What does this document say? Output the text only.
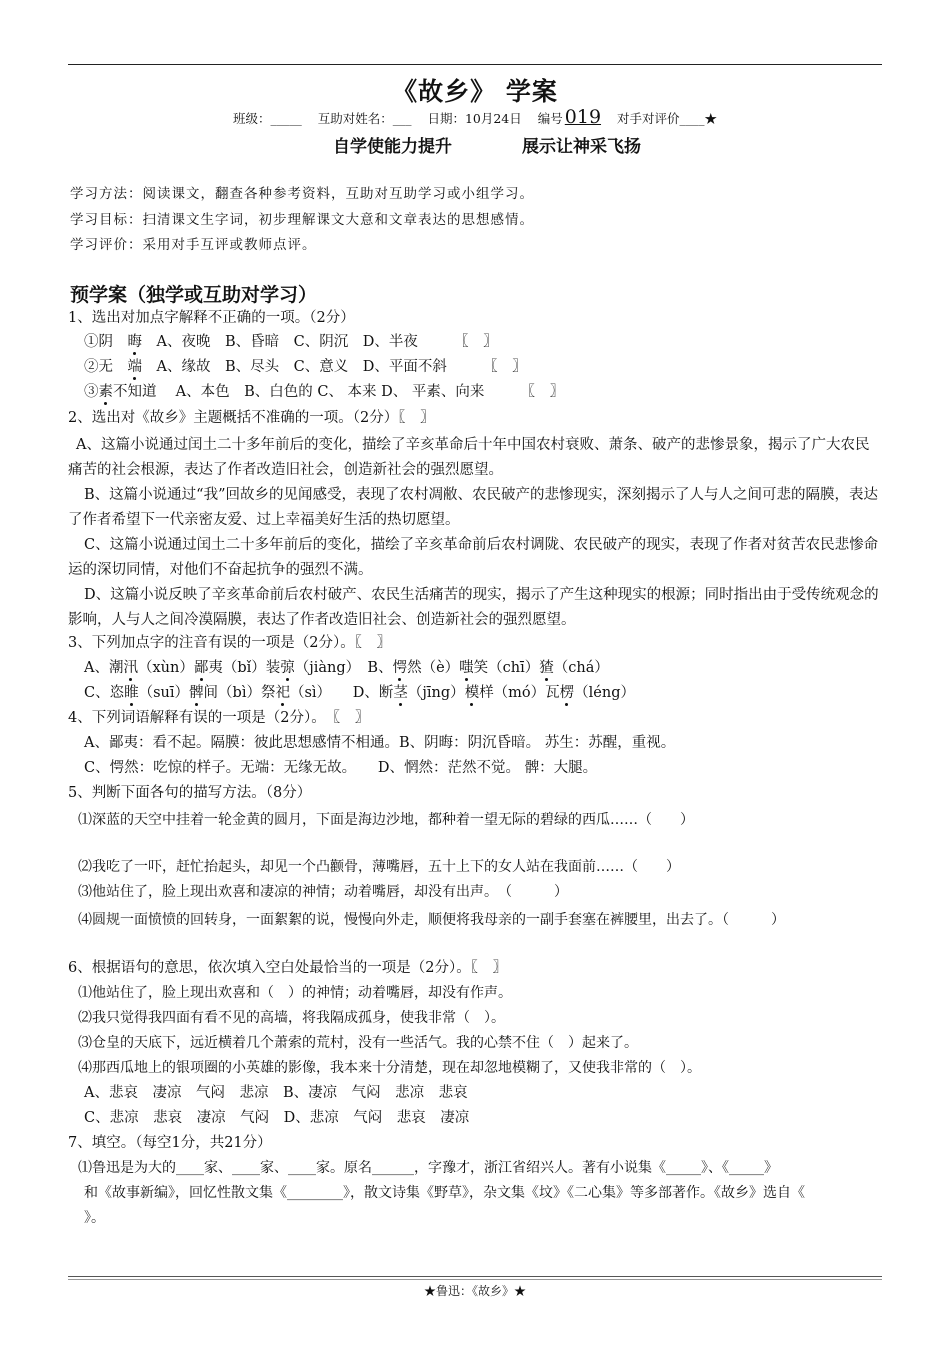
《故乡》 学案
班级：_____ 互助对姓名：___ 日期：10月24日 编号 019 对手对评价____★
自学使能力提升	展示让神采飞扬
学习方法：阅读课文，翻查各种参考资料，互助对互助学习或小组学习。
学习目标：扫清课文生字词，初步理解课文大意和文章表达的思想感情。
学习评价：采用对手互评或教师点评。
预学案（独学或互助对学习）
1、选出对加点字解释不正确的一项。（2分）
①阴　晦　A、夜晚　B、昏暗　C、阴沉　D、半夜　　　〖　〗
②无　端　A、缘故　B、尽头　C、意义　D、平面不斜　　　〖　〗
③素不知道　 A、本色　B、白色的 C、 本来 D、 平素、向来　　　〖　〗
2、选出对《故乡》主题概括不准确的一项。（2分）〖　〗
A、这篇小说通过闰土二十多年前后的变化，描绘了辛亥革命后十年中国农村衰败、萧条、破产的悲惨景象，揭示了广大农民痛苦的社会根源，表达了作者改造旧社会，创造新社会的强烈愿望。
B、这篇小说通过“我”回故乡的见闻感受，表现了农村凋敝、农民破产的悲惨现实，深刻揭示了人与人之间可悲的隔膜，表达了作者希望下一代亲密友爱、过上幸福美好生活的热切愿望。
C、这篇小说通过闰土二十多年前后的变化，描绘了辛亥革命前后农村调陇、农民破产的现实，表现了作者对贫苦农民悲惨命运的深切同情，对他们不奋起抗争的强烈不满。
D、这篇小说反映了辛亥革命前后农村破产、农民生活痛苦的现实，揭示了产生这种现实的根源；同时指出由于受传统观念的影响，人与人之间冷漠隔膜，表达了作者改造旧社会、创造新社会的强烈愿望。
3、下列加点字的注音有误的一项是（2分）。〖　〗
A、潮汛（xùn）鄙夷（bǐ）装弶（jiàng）　B、愕然（è）嗤笑（chī）猹（chá）
C、恣睢（suī）髀间（bì）祭祀（sì）　　D、断茎（jīng）模样（mó）瓦楞（léng）
4、下列词语解释有误的一项是（2分）。　〖　〗
A、鄙夷：看不起。隔膜：彼此思想感情不相通。B、阴晦：阴沉昏暗。 苏生：苏醒，重视。
C、愕然：吃惊的样子。无端：无缘无故。　　D、惘然：茫然不觉。 髀：大腿。
5、判断下面各句的描写方法。（8分）
⑴深蓝的天空中挂着一轮金黄的圆月，下面是海边沙地，都种着一望无际的碧绿的西瓜……（　　）
⑵我吃了一吓，赶忙抬起头，却见一个凸颧骨，薄嘴唇，五十上下的女人站在我面前……（　　）
⑶他站住了，脸上现出欢喜和凄凉的神情；动着嘴唇，却没有出声。　（　　　）
⑷圆规一面愤愤的回转身，一面絮絮的说，慢慢向外走，顺便将我母亲的一副手套塞在裤腰里，出去了。（　　　）
6、根据语句的意思，依次填入空白处最恰当的一项是（2分）。〖　〗
⑴他站住了，脸上现出欢喜和（　）的神情；动着嘴唇，却没有作声。
⑵我只觉得我四面有看不见的高墙，将我隔成孤身，使我非常（　）。
⑶仓皇的天底下，远近横着几个萧索的荒村，没有一些活气。我的心禁不住（　）起来了。
⑷那西瓜地上的银项圈的小英雄的影像，我本来十分清楚，现在却忽地模糊了，又使我非常的（　）。
A、悲哀　凄凉　气闷　悲凉　B、凄凉　气闷　悲凉　悲哀
C、悲凉　悲哀　凄凉　气闷　D、悲凉　气闷　悲哀　凄凉
7、填空。（每空1分，共21分）
⑴鲁迅是为大的____家、____家、____家。原名______，字豫才，浙江省绍兴人。著有小说集《_____》、《_____》
和《故事新编》，回忆性散文集《________》，散文诗集《野草》，杂文集《坟》《二心集》等多部著作。《故乡》选自《
》。
★鲁迅：《故乡》★
